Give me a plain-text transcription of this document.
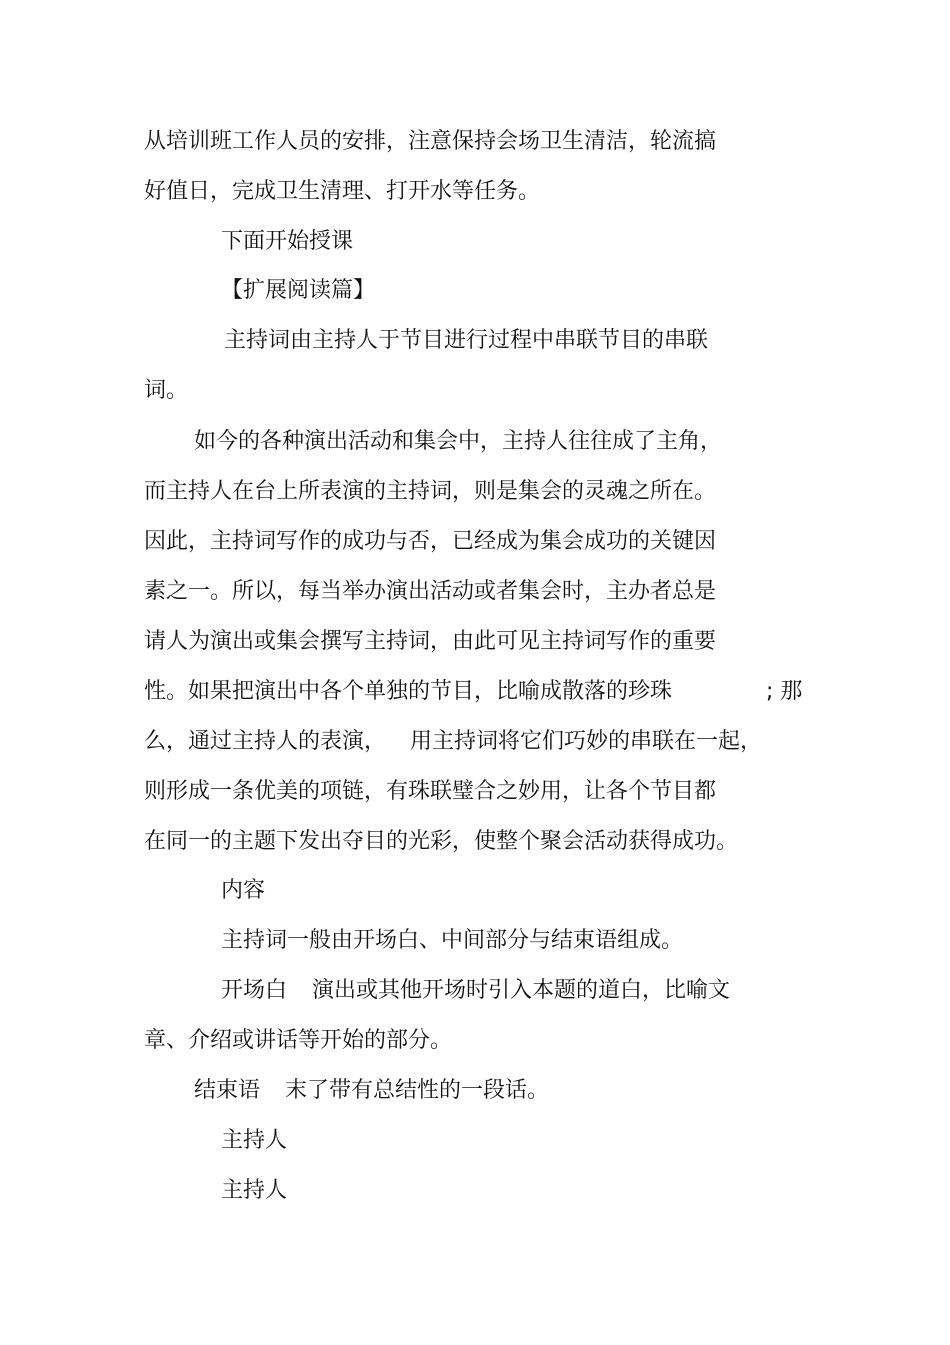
从培训班工作人员的安排，注意保持会场卫生清洁，轮流搞
好值日，完成卫生清理、打开水等任务。
下面开始授课
【扩展阅读篇】
主持词由主持人于节目进行过程中串联节目的串联
词。
如今的各种演出活动和集会中，主持人往往成了主角，
而主持人在台上所表演的主持词，则是集会的灵魂之所在。
因此，主持词写作的成功与否，已经成为集会成功的关键因
素之一。所以，每当举办演出活动或者集会时，主办者总是
请人为演出或集会撰写主持词，由此可见主持词写作的重要
性。如果把演出中各个单独的节目，比喻成散落的珍珠	; 那
么，通过主持人的表演， 用主持词将它们巧妙的串联在一起，
则形成一条优美的项链，有珠联璧合之妙用，让各个节目都
在同一的主题下发出夺目的光彩，使整个聚会活动获得成功。
内容
主持词一般由开场白、中间部分与结束语组成。
开场白 演出或其他开场时引入本题的道白，比喻文
章、介绍或讲话等开始的部分。
结束语 末了带有总结性的一段话。
主持人
主持人
